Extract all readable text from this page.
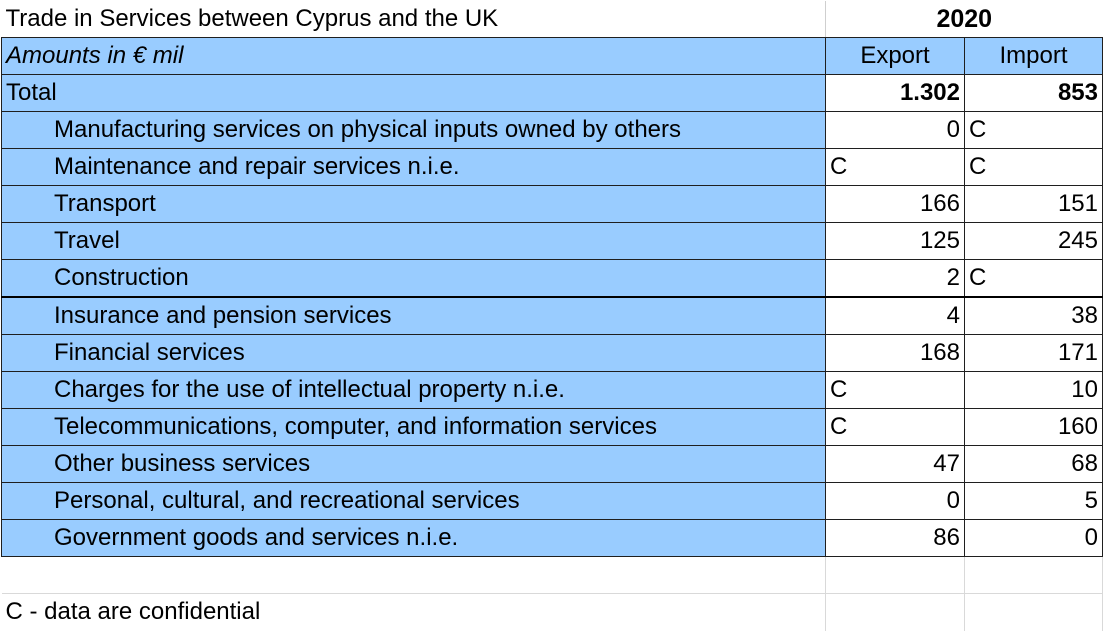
Trade in Services between Cyprus and the UK	2020	
Amounts in € mil	Export	Import
Total	1.302	853
Manufacturing services on physical inputs owned by others	0	C
Maintenance and repair services n.i.e.	C	C
Transport	166	151
Travel	125	245
Construction	2	C
Insurance and pension services	4	38
Financial services	168	171
Charges for the use of intellectual property n.i.e.	C	10
Telecommunications, computer, and information services	C	160
Other business services	47	68
Personal, cultural, and recreational services	0	5
Government goods and services n.i.e.	86	0

C - data are confidential		
